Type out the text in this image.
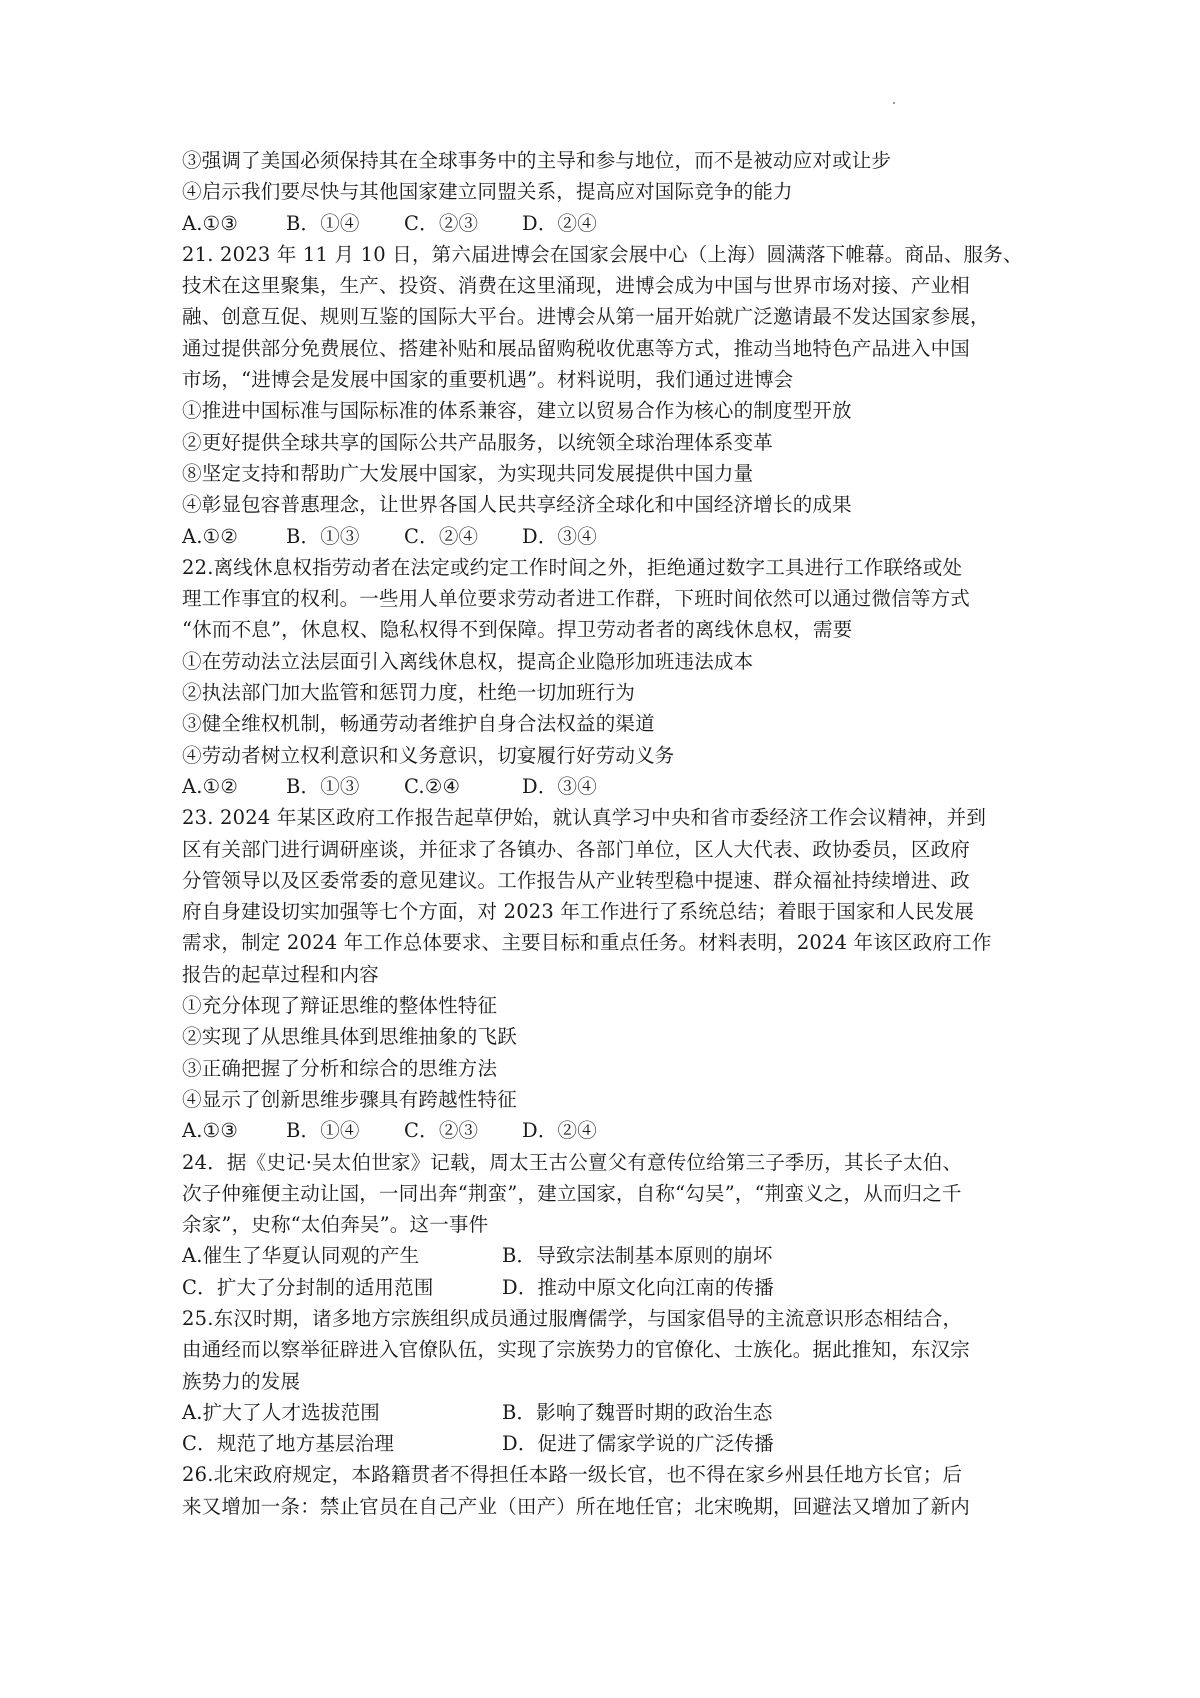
③强调了美国必须保持其在全球事务中的主导和参与地位，而不是被动应对或让步
④启示我们要尽快与其他国家建立同盟关系，提高应对国际竞争的能力
A.①③ B．①④ C．②③ D．②④
21. 2023 年 11 月 10 日，第六届进博会在国家会展中心（上海）圆满落下帷幕。商品、服务、
技术在这里聚集，生产、投资、消费在这里涌现，进博会成为中国与世界市场对接、产业相
融、创意互促、规则互鉴的国际大平台。进博会从第一届开始就广泛邀请最不发达国家参展，
通过提供部分免费展位、搭建补贴和展品留购税收优惠等方式，推动当地特色产品进入中国
市场，“进博会是发展中国家的重要机遇”。材料说明，我们通过进博会
①推进中国标准与国际标准的体系兼容，建立以贸易合作为核心的制度型开放
②更好提供全球共享的国际公共产品服务，以统领全球治理体系变革
⑧坚定支持和帮助广大发展中国家，为实现共同发展提供中国力量
④彰显包容普惠理念，让世界各国人民共享经济全球化和中国经济增长的成果
A.①② B．①③ C．②④ D．③④
22.离线休息权指劳动者在法定或约定工作时间之外，拒绝通过数字工具进行工作联络或处
理工作事宜的权利。一些用人单位要求劳动者进工作群，下班时间依然可以通过微信等方式
“休而不息”，休息权、隐私权得不到保障。捍卫劳动者者的离线休息权，需要
①在劳动法立法层面引入离线休息权，提高企业隐形加班违法成本
②执法部门加大监管和惩罚力度，杜绝一切加班行为
③健全维权机制，畅通劳动者维护自身合法权益的渠道
④劳动者树立权利意识和义务意识，切宴履行好劳动义务
A.①② B．①③ C.②④	D．③④
23. 2024 年某区政府工作报告起草伊始，就认真学习中央和省市委经济工作会议精神，并到
区有关部门进行调研座谈，并征求了各镇办、各部门单位，区人大代表、政协委员，区政府
分管领导以及区委常委的意见建议。工作报告从产业转型稳中提速、群众福祉持续增进、政
府自身建设切实加强等七个方面，对 2023 年工作进行了系统总结；着眼于国家和人民发展
需求，制定 2024 年工作总体要求、主要目标和重点任务。材料表明，2024 年该区政府工作
报告的起草过程和内容
①充分体现了辩证思维的整体性特征
②实现了从思维具体到思维抽象的飞跃
③正确把握了分析和综合的思维方法
④显示了创新思维步骤具有跨越性特征
A.①③ B．①④ C．②③ D．②④
24．据《史记·吴太伯世家》记载，周太王古公亶父有意传位给第三子季历，其长子太伯、
次子仲雍便主动让国，一同出奔“荆蛮”，建立国家，自称“勾吴”，“荆蛮义之，从而归之千
余家”，史称“太伯奔吴”。这一事件
A.催生了华夏认同观的产生	B．导致宗法制基本原则的崩坏
C．扩大了分封制的适用范围	D．推动中原文化向江南的传播
25.东汉时期，诸多地方宗族组织成员通过服膺儒学，与国家倡导的主流意识形态相结合，
由通经而以察举征辟进入官僚队伍，实现了宗族势力的官僚化、士族化。据此推知，东汉宗
族势力的发展
A.扩大了人才选拔范围	B．影响了魏晋时期的政治生态
C．规范了地方基层治理	D．促进了儒家学说的广泛传播
26.北宋政府规定，本路籍贯者不得担任本路一级长官，也不得在家乡州县任地方长官；后
来又增加一条：禁止官员在自己产业（田产）所在地任官；北宋晚期，回避法又增加了新内
